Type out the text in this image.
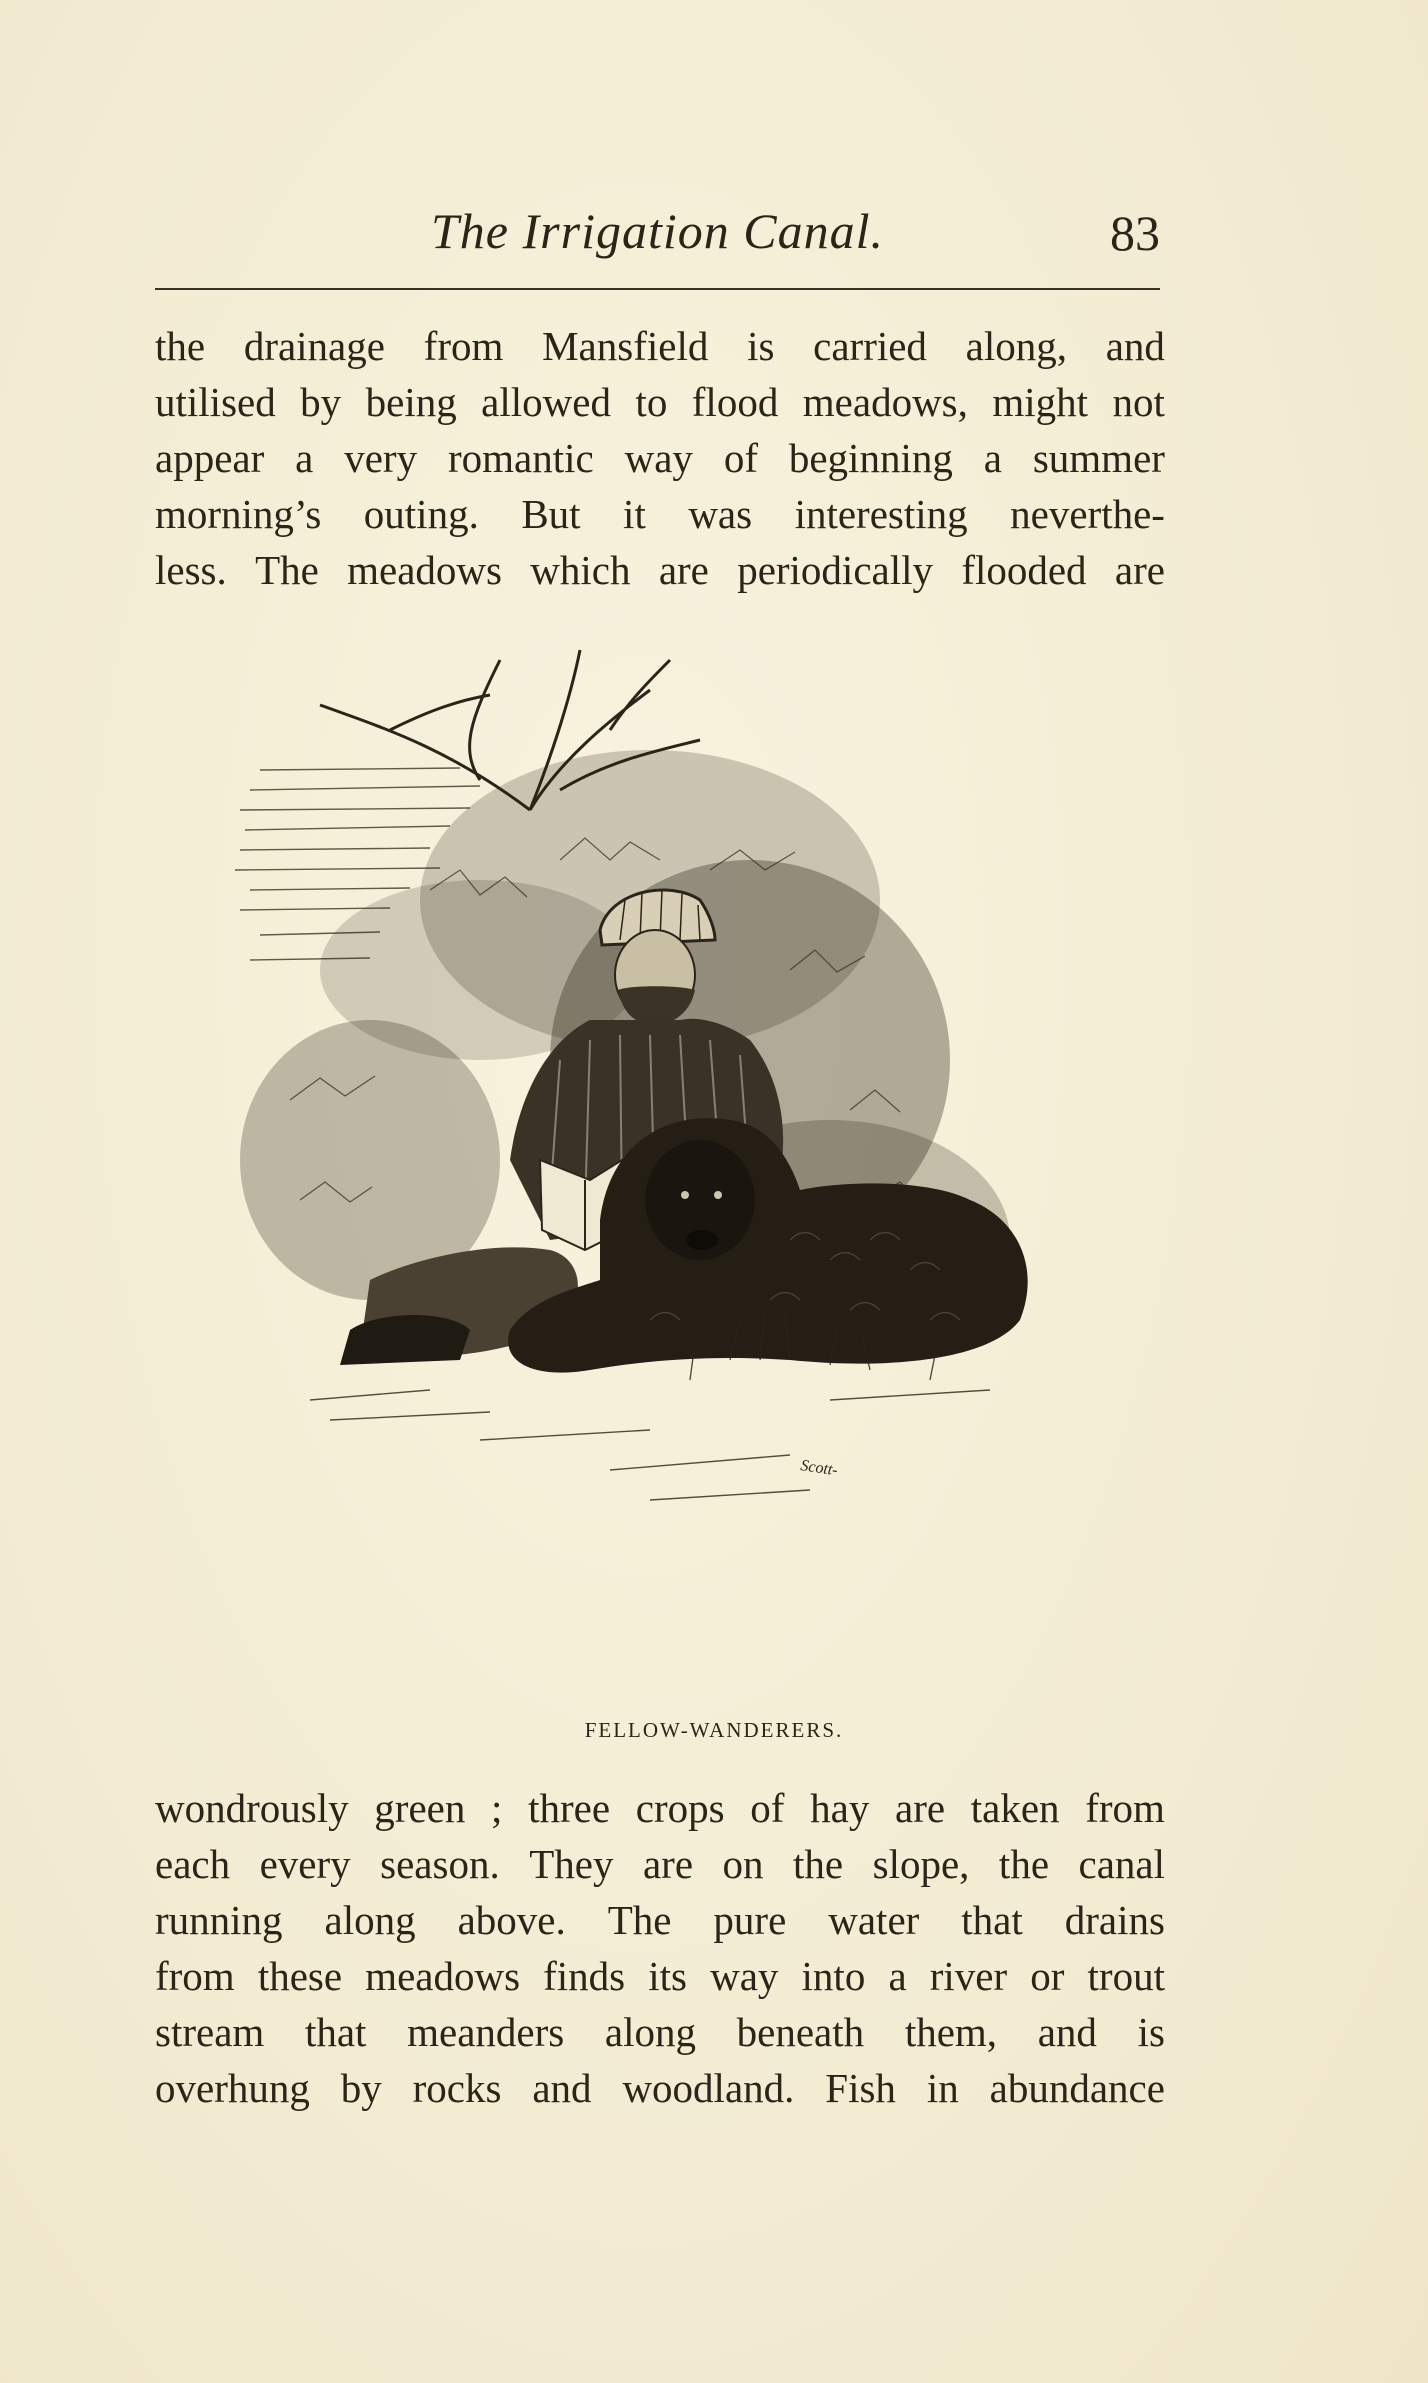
The Irrigation Canal.	83
the drainage from Mansfield is carried along, and
utilised by being allowed to flood meadows, might not
appear a very romantic way of beginning a summer
morning’s outing. But it was interesting neverthe-
less. The meadows which are periodically flooded are
Scott-
FELLOW-WANDERERS.
wondrously green ; three crops of hay are taken from
each every season. They are on the slope, the canal
running along above. The pure water that drains
from these meadows finds its way into a river or trout
stream that meanders along beneath them, and is
overhung by rocks and woodland. Fish in abundance
